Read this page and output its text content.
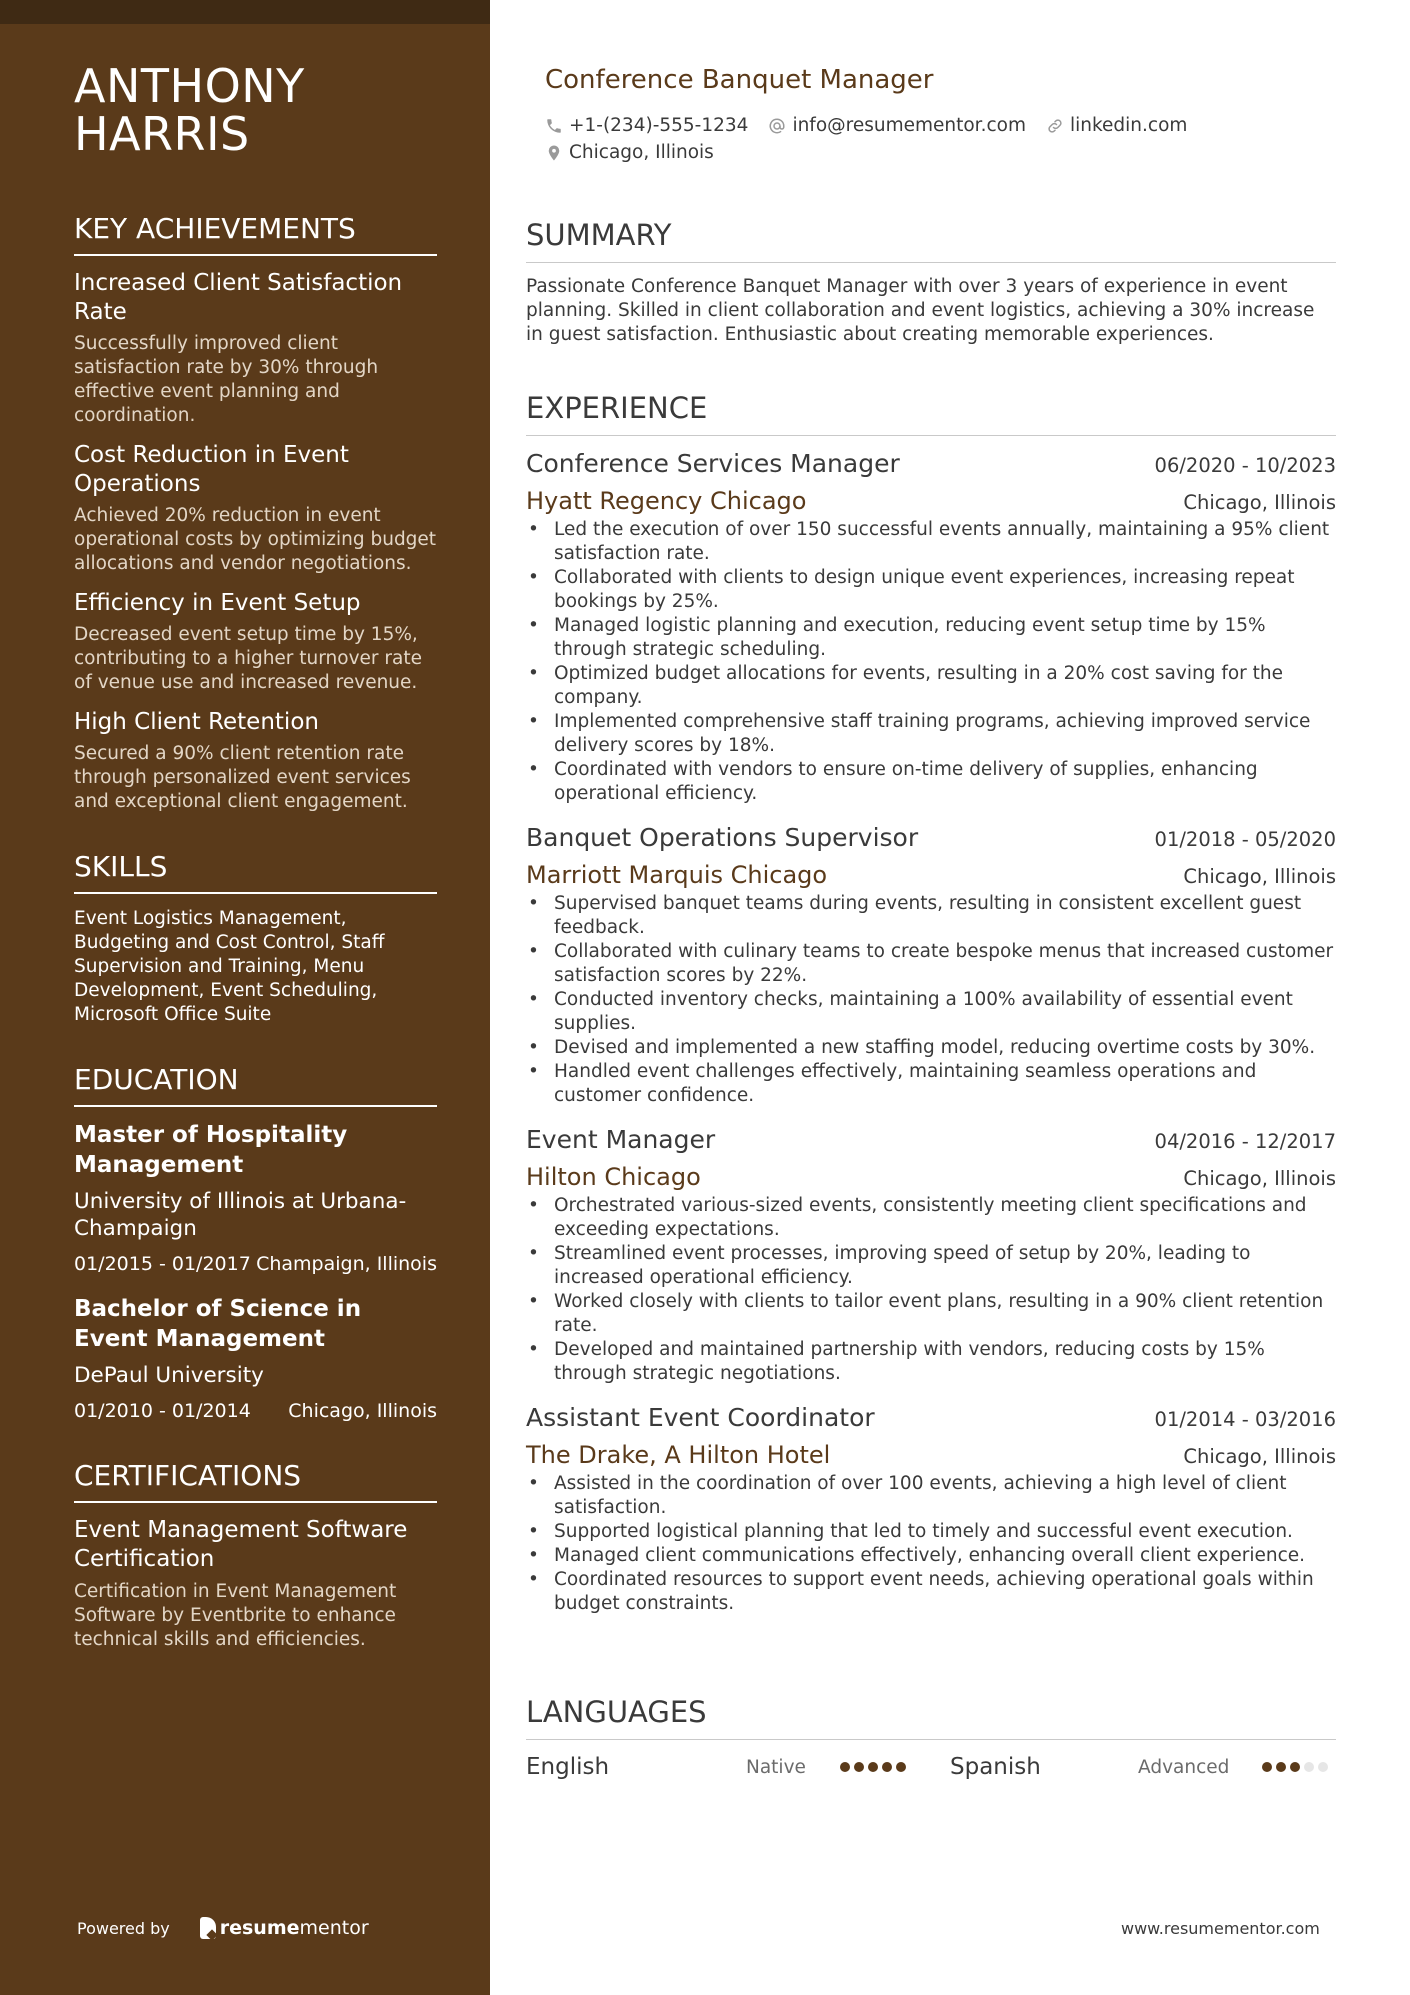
ANTHONY
HARRIS
KEY ACHIEVEMENTS
Increased Client Satisfaction Rate
Successfully improved client satisfaction rate by 30% through effective event planning and coordination.
Cost Reduction in Event Operations
Achieved 20% reduction in event operational costs by optimizing budget allocations and vendor negotiations.
Efficiency in Event Setup
Decreased event setup time by 15%, contributing to a higher turnover rate of venue use and increased revenue.
High Client Retention
Secured a 90% client retention rate through personalized event services and exceptional client engagement.
SKILLS
Event Logistics Management, Budgeting and Cost Control, Staff Supervision and Training, Menu Development, Event Scheduling, Microsoft Office Suite
EDUCATION
Master of Hospitality Management
University of Illinois at Urbana-Champaign
01/2015 - 01/2017 Champaign, Illinois
Bachelor of Science in Event Management
DePaul University
01/2010 - 01/2014 Chicago, Illinois
CERTIFICATIONS
Event Management Software Certification
Certification in Event Management Software by Eventbrite to enhance technical skills and efficiencies.
Powered by	resumementor
Conference Banquet Manager
+1-(234)-555-1234 info@resumementor.com linkedin.com
Chicago, Illinois
SUMMARY

Passionate Conference Banquet Manager with over 3 years of experience in event planning. Skilled in client collaboration and event logistics, achieving a 30% increase in guest satisfaction. Enthusiastic about creating memorable experiences.

EXPERIENCE
Conference Services Manager	06/2020 - 10/2023
Hyatt Regency Chicago	Chicago, Illinois
• Led the execution of over 150 successful events annually, maintaining a 95% client satisfaction rate.
• Collaborated with clients to design unique event experiences, increasing repeat bookings by 25%.
• Managed logistic planning and execution, reducing event setup time by 15% through strategic scheduling.
• Optimized budget allocations for events, resulting in a 20% cost saving for the company.
• Implemented comprehensive staff training programs, achieving improved service delivery scores by 18%.
• Coordinated with vendors to ensure on-time delivery of supplies, enhancing operational efficiency.
Banquet Operations Supervisor	01/2018 - 05/2020
Marriott Marquis Chicago	Chicago, Illinois
• Supervised banquet teams during events, resulting in consistent excellent guest feedback.
• Collaborated with culinary teams to create bespoke menus that increased customer satisfaction scores by 22%.
• Conducted inventory checks, maintaining a 100% availability of essential event supplies.
• Devised and implemented a new staffing model, reducing overtime costs by 30%.
• Handled event challenges effectively, maintaining seamless operations and customer confidence.
Event Manager	04/2016 - 12/2017
Hilton Chicago	Chicago, Illinois
• Orchestrated various-sized events, consistently meeting client specifications and exceeding expectations.
• Streamlined event processes, improving speed of setup by 20%, leading to increased operational efficiency.
• Worked closely with clients to tailor event plans, resulting in a 90% client retention rate.
• Developed and maintained partnership with vendors, reducing costs by 15% through strategic negotiations.
Assistant Event Coordinator	01/2014 - 03/2016
The Drake, A Hilton Hotel	Chicago, Illinois
• Assisted in the coordination of over 100 events, achieving a high level of client satisfaction.
• Supported logistical planning that led to timely and successful event execution.
• Managed client communications effectively, enhancing overall client experience.
• Coordinated resources to support event needs, achieving operational goals within budget constraints.
LANGUAGES
English	Native	Spanish	Advanced
www.resumementor.com
